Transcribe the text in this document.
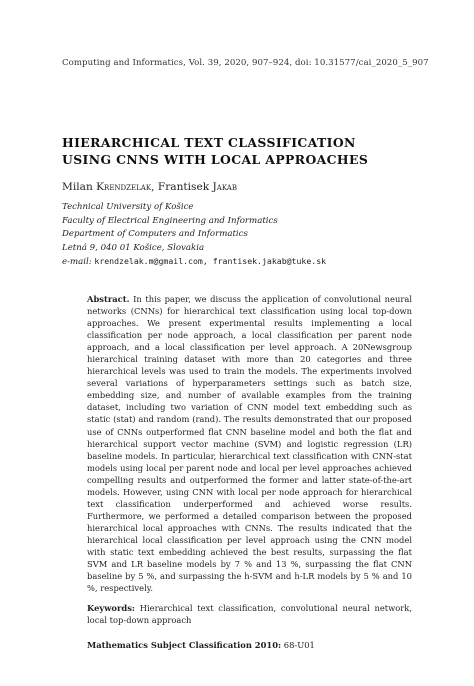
Computing and Informatics, Vol. 39, 2020, 907–924, doi: 10.31577/cai_2020_5_907
HIERARCHICAL TEXT CLASSIFICATION
USING CNNS WITH LOCAL APPROACHES
Milan Krendzelak, Frantisek Jakab
Technical University of Košice
Faculty of Electrical Engineering and Informatics
Department of Computers and Informatics
Letná 9, 040 01 Košice, Slovakia
e-mail: krendzelak.m@gmail.com, frantisek.jakab@tuke.sk
Abstract. In this paper, we discuss the application of convolutional neural networks (CNNs) for hierarchical text classification using local top-down approaches. We present experimental results implementing a local classification per node approach, a local classification per parent node approach, and a local classification per level approach. A 20Newsgroup hierarchical training dataset with more than 20 categories and three hierarchical levels was used to train the models. The experiments involved several variations of hyperparameters settings such as batch size, embedding size, and number of available examples from the training dataset, including two variation of CNN model text embedding such as static (stat) and random (rand). The results demonstrated that our proposed use of CNNs outperformed flat CNN baseline model and both the flat and hierarchical support vector machine (SVM) and logistic regression (LR) baseline models. In particular, hierarchical text classification with CNN-stat models using local per parent node and local per level approaches achieved compelling results and outperformed the former and latter state-of-the-art models. However, using CNN with local per node approach for hierarchical text classification underperformed and achieved worse results. Furthermore, we performed a detailed comparison between the proposed hierarchical local approaches with CNNs. The results indicated that the hierarchical local classification per level approach using the CNN model with static text embedding achieved the best results, surpassing the flat SVM and LR baseline models by 7 % and 13 %, surpassing the flat CNN baseline by 5 %, and surpassing the h-SVM and h-LR models by 5 % and 10 %, respectively.
Keywords: Hierarchical text classification, convolutional neural network, local top-down approach
Mathematics Subject Classification 2010: 68-U01
